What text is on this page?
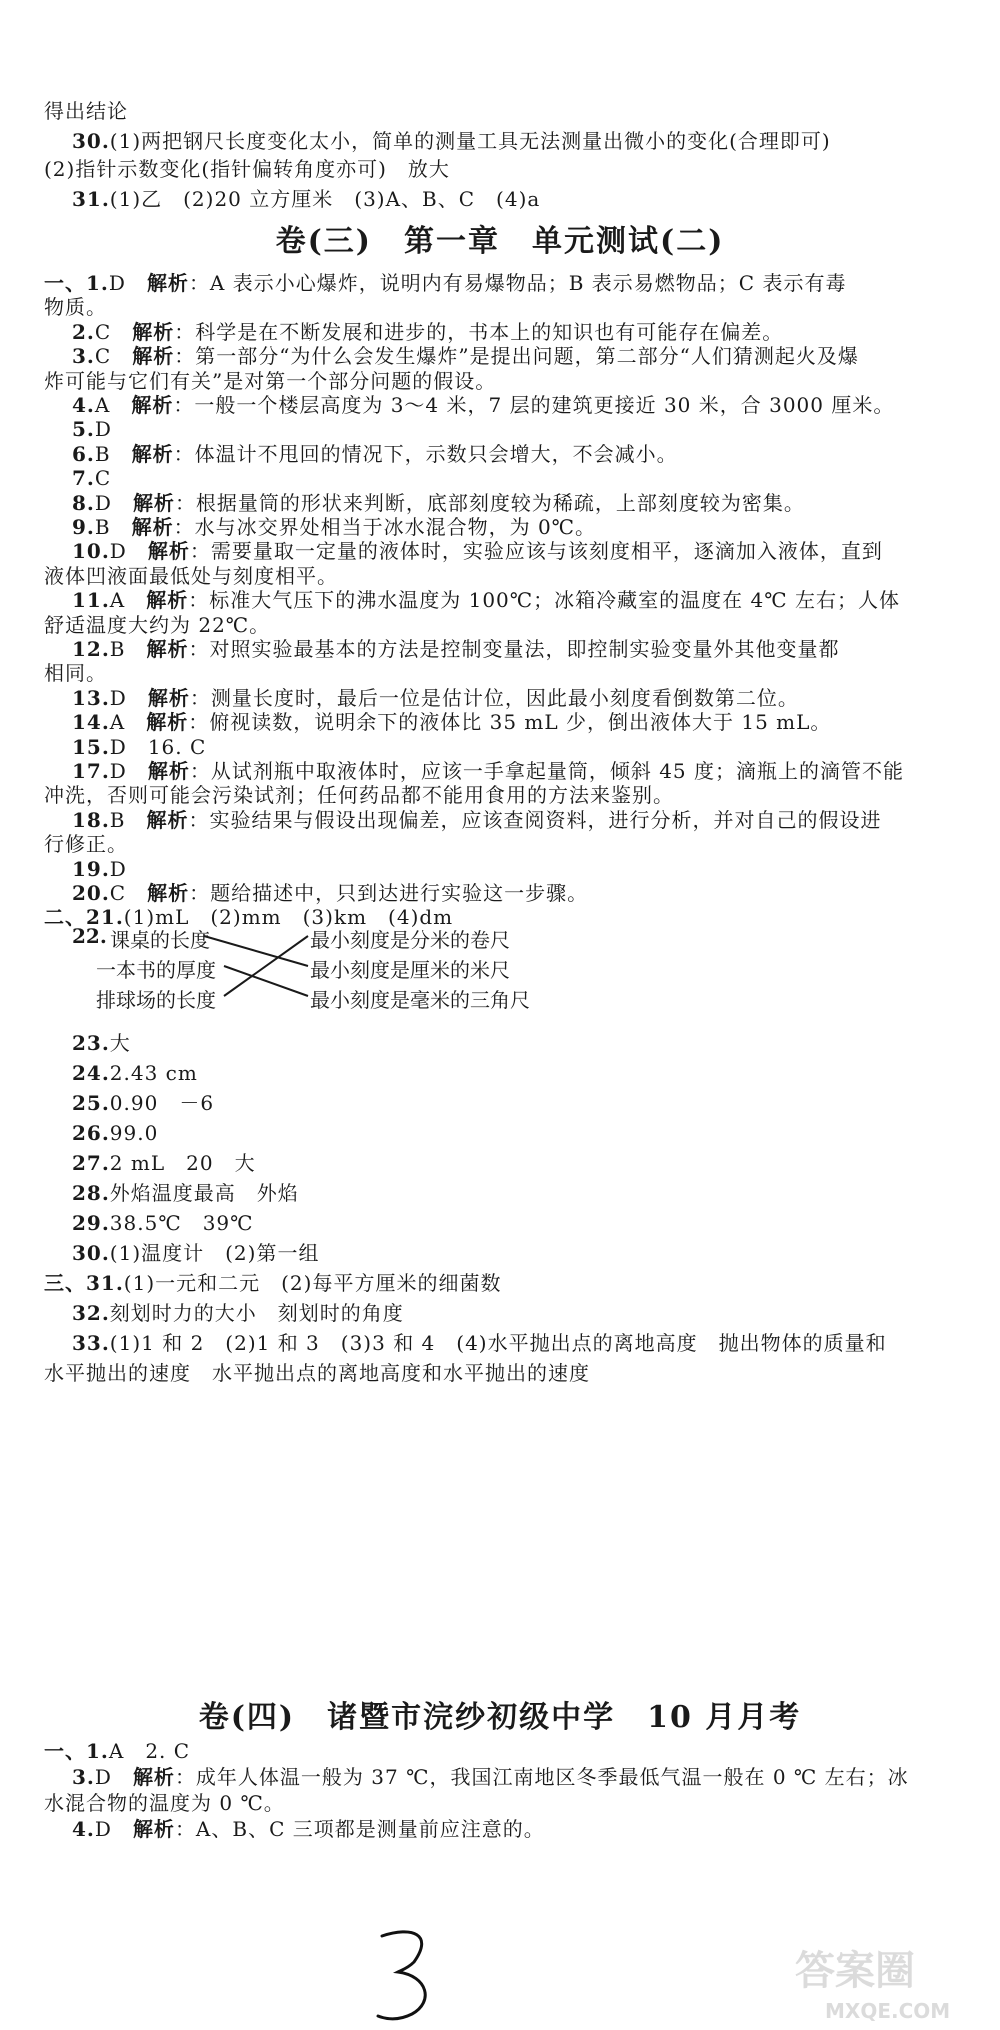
得出结论
30.(1)两把钢尺长度变化太小，简单的测量工具无法测量出微小的变化(合理即可)
(2)指针示数变化(指针偏转角度亦可)　放大
31.(1)乙　(2)20 立方厘米　(3)A、B、C　(4)a
卷(三)　第一章　单元测试(二)
一、1.D　解析：A 表示小心爆炸，说明内有易爆物品；B 表示易燃物品；C 表示有毒
物质。
2.C　解析：科学是在不断发展和进步的，书本上的知识也有可能存在偏差。
3.C　解析：第一部分“为什么会发生爆炸”是提出问题，第二部分“人们猜测起火及爆
炸可能与它们有关”是对第一个部分问题的假设。
4.A　解析：一般一个楼层高度为 3～4 米，7 层的建筑更接近 30 米，合 3000 厘米。
5.D
6.B　解析：体温计不甩回的情况下，示数只会增大，不会减小。
7.C
8.D　解析：根据量筒的形状来判断，底部刻度较为稀疏，上部刻度较为密集。
9.B　解析：水与冰交界处相当于冰水混合物，为 0℃。
10.D　解析：需要量取一定量的液体时，实验应该与该刻度相平，逐滴加入液体，直到
液体凹液面最低处与刻度相平。
11.A　解析：标准大气压下的沸水温度为 100℃；冰箱冷藏室的温度在 4℃ 左右；人体
舒适温度大约为 22℃。
12.B　解析：对照实验最基本的方法是控制变量法，即控制实验变量外其他变量都
相同。
13.D　解析：测量长度时，最后一位是估计位，因此最小刻度看倒数第二位。
14.A　解析：俯视读数，说明余下的液体比 35 mL 少，倒出液体大于 15 mL。
15.D　16. C
17.D　解析：从试剂瓶中取液体时，应该一手拿起量筒，倾斜 45 度；滴瓶上的滴管不能
冲洗，否则可能会污染试剂；任何药品都不能用食用的方法来鉴别。
18.B　解析：实验结果与假设出现偏差，应该查阅资料，进行分析，并对自己的假设进
行修正。
19.D
20.C　解析：题给描述中，只到达进行实验这一步骤。
二、21.(1)mL　(2)mm　(3)km　(4)dm
22. 课桌的长度
一本书的厚度
排球场的长度
最小刻度是分米的卷尺
最小刻度是厘米的米尺
最小刻度是毫米的三角尺
23.大
24.2.43 cm
25.0.90　－6
26.99.0
27.2 mL　20　大
28.外焰温度最高　外焰
29.38.5℃　39℃
30.(1)温度计　(2)第一组
三、31.(1)一元和二元　(2)每平方厘米的细菌数
32.刻划时力的大小　刻划时的角度
33.(1)1 和 2　(2)1 和 3　(3)3 和 4　(4)水平抛出点的离地高度　抛出物体的质量和
水平抛出的速度　水平抛出点的离地高度和水平抛出的速度
卷(四)　诸暨市浣纱初级中学　10 月月考
一、1.A　2. C
3.D　解析：成年人体温一般为 37 ℃，我国江南地区冬季最低气温一般在 0 ℃ 左右；冰
水混合物的温度为 0 ℃。
4.D　解析：A、B、C 三项都是测量前应注意的。
答案圈
MXQE.COM
